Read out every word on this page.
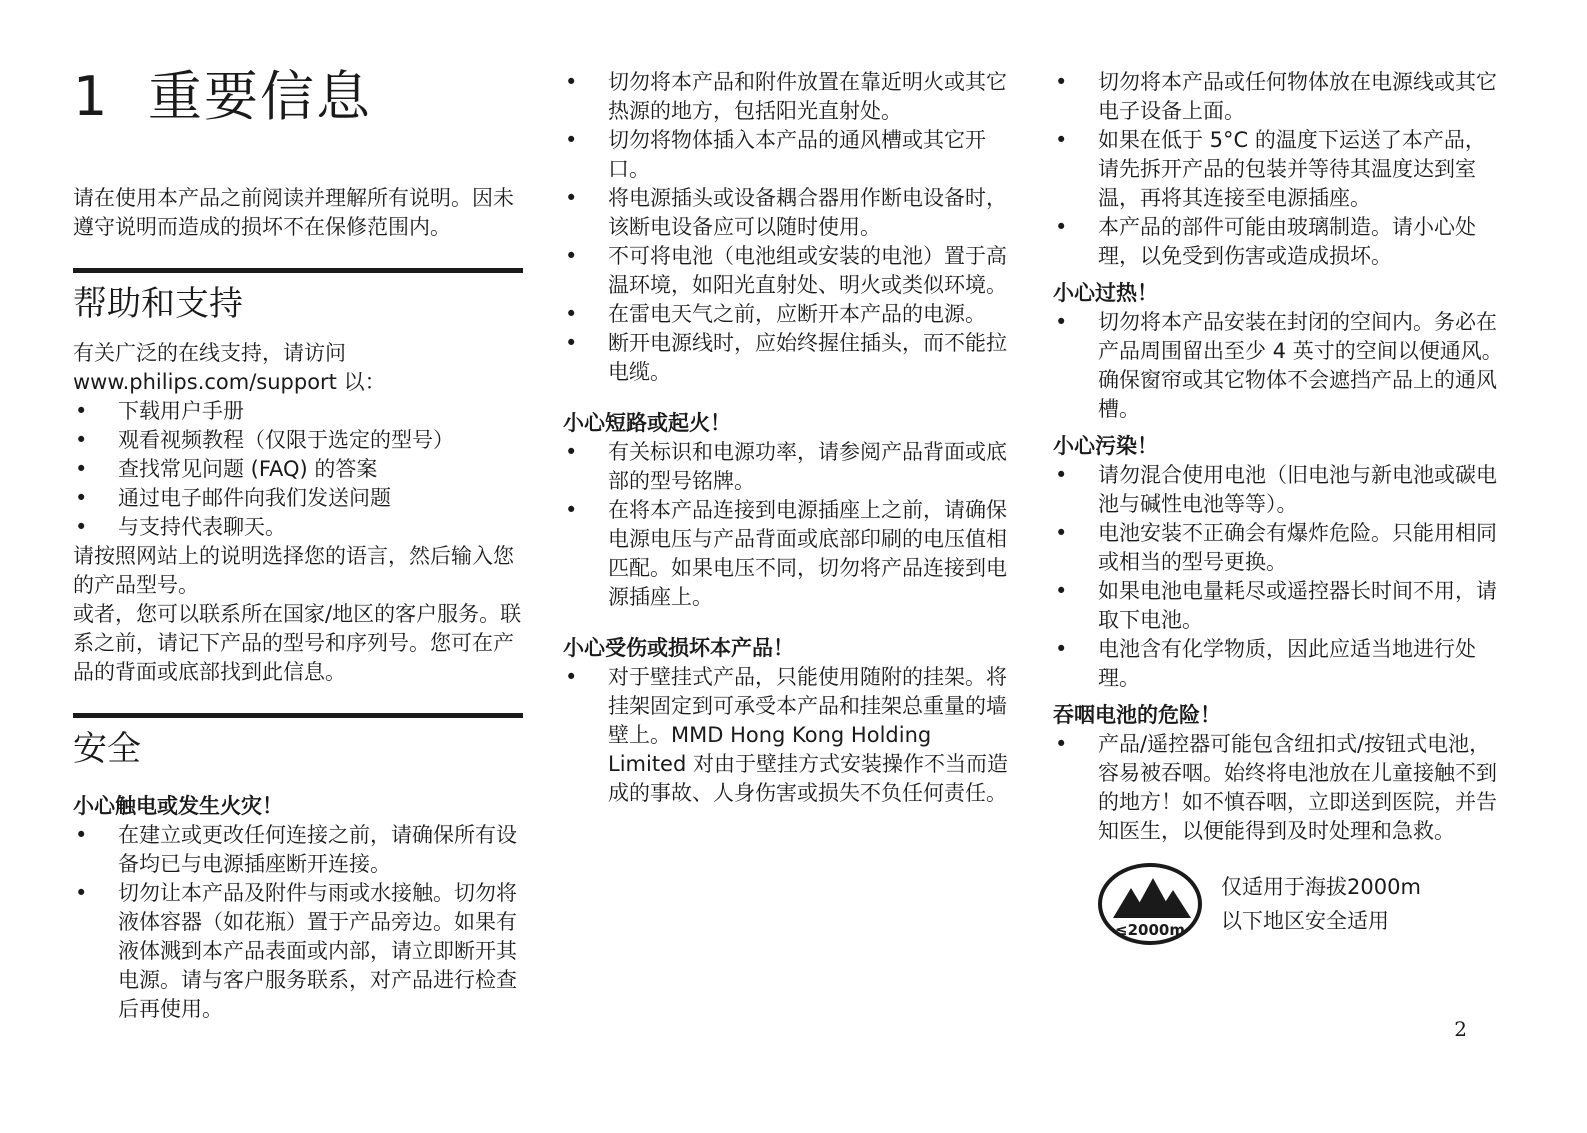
1 重要信息

请在使用本产品之前阅读并理解所有说明。因未遵守说明而造成的损坏不在保修范围内。

帮助和支持

有关广泛的在线支持，请访问 www.philips.com/support 以：

• 下载用户手册
• 观看视频教程（仅限于选定的型号）
• 查找常见问题 (FAQ) 的答案
• 通过电子邮件向我们发送问题
• 与支持代表聊天。

请按照网站上的说明选择您的语言，然后输入您的产品型号。

或者，您可以联系所在国家/地区的客户服务。联系之前，请记下产品的型号和序列号。您可在产品的背面或底部找到此信息。

安全

小心触电或发生火灾！

• 在建立或更改任何连接之前，请确保所有设备均已与电源插座断开连接。
• 切勿让本产品及附件与雨或水接触。切勿将液体容器（如花瓶）置于产品旁边。如果有液体溅到本产品表面或内部，请立即断开其电源。请与客户服务联系，对产品进行检查后再使用。
• 切勿将本产品和附件放置在靠近明火或其它热源的地方，包括阳光直射处。
• 切勿将物体插入本产品的通风槽或其它开口。
• 将电源插头或设备耦合器用作断电设备时，该断电设备应可以随时使用。
• 不可将电池（电池组或安装的电池）置于高温环境，如阳光直射处、明火或类似环境。
• 在雷电天气之前，应断开本产品的电源。
• 断开电源线时，应始终握住插头，而不能拉电缆。

小心短路或起火！

• 有关标识和电源功率，请参阅产品背面或底部的型号铭牌。
• 在将本产品连接到电源插座上之前，请确保电源电压与产品背面或底部印刷的电压值相匹配。如果电压不同，切勿将产品连接到电源插座上。

小心受伤或损坏本产品！

• 对于壁挂式产品，只能使用随附的挂架。将挂架固定到可承受本产品和挂架总重量的墙壁上。MMD Hong Kong Holding Limited 对由于壁挂方式安装操作不当而造成的事故、人身伤害或损失不负任何责任。
• 切勿将本产品或任何物体放在电源线或其它电子设备上面。
• 如果在低于 5°C 的温度下运送了本产品，请先拆开产品的包装并等待其温度达到室温，再将其连接至电源插座。
• 本产品的部件可能由玻璃制造。请小心处理，以免受到伤害或造成损坏。

小心过热！

• 切勿将本产品安装在封闭的空间内。务必在产品周围留出至少 4 英寸的空间以便通风。确保窗帘或其它物体不会遮挡产品上的通风槽。

小心污染！

• 请勿混合使用电池（旧电池与新电池或碳电池与碱性电池等等）。
• 电池安装不正确会有爆炸危险。只能用相同或相当的型号更换。
• 如果电池电量耗尽或遥控器长时间不用，请取下电池。
• 电池含有化学物质，因此应适当地进行处理。

吞咽电池的危险！

• 产品/遥控器可能包含纽扣式/按钮式电池，容易被吞咽。始终将电池放在儿童接触不到的地方！如不慎吞咽，立即送到医院，并告知医生，以便能得到及时处理和急救。
≤2000m
仅适用于海拔2000m
以下地区安全适用
2
